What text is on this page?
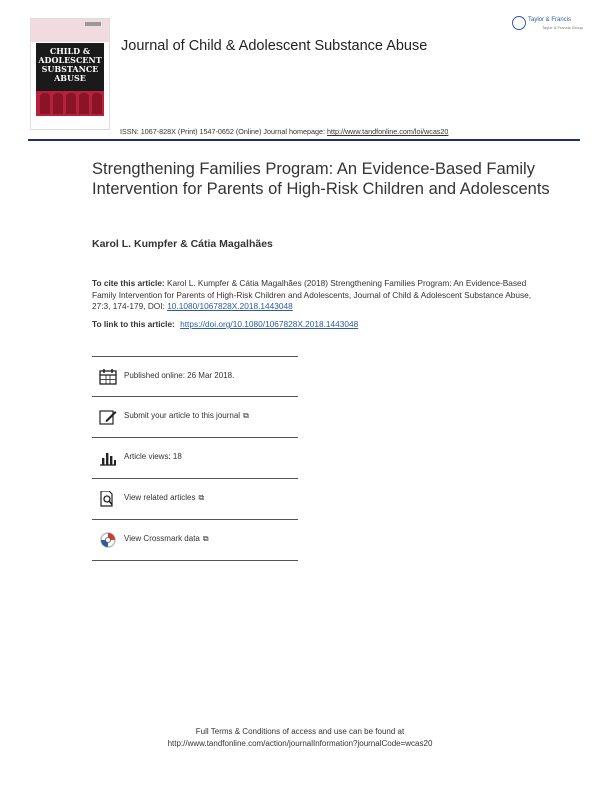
CHILD & ADOLESCENT
SUBSTANCE ABUSE
Journal of Child & Adolescent Substance Abuse
Taylor & Francis
Taylor & Francis Group
ISSN: 1067-828X (Print) 1547-0652 (Online) Journal homepage: http://www.tandfonline.com/loi/wcas20
Strengthening Families Program: An Evidence-Based Family Intervention for Parents of High-Risk Children and Adolescents
Karol L. Kumpfer & Cátia Magalhães
To cite this article: Karol L. Kumpfer & Cátia Magalhães (2018) Strengthening Families Program: An Evidence-Based Family Intervention for Parents of High-Risk Children and Adolescents, Journal of Child & Adolescent Substance Abuse, 27:3, 174-179, DOI: 10.1080/1067828X.2018.1443048
To link to this article: https://doi.org/10.1080/1067828X.2018.1443048
Published online: 26 Mar 2018.
Submit your article to this journal ⧉
Article views: 18
View related articles ⧉
View Crossmark data ⧉
Full Terms & Conditions of access and use can be found at
http://www.tandfonline.com/action/journalInformation?journalCode=wcas20
